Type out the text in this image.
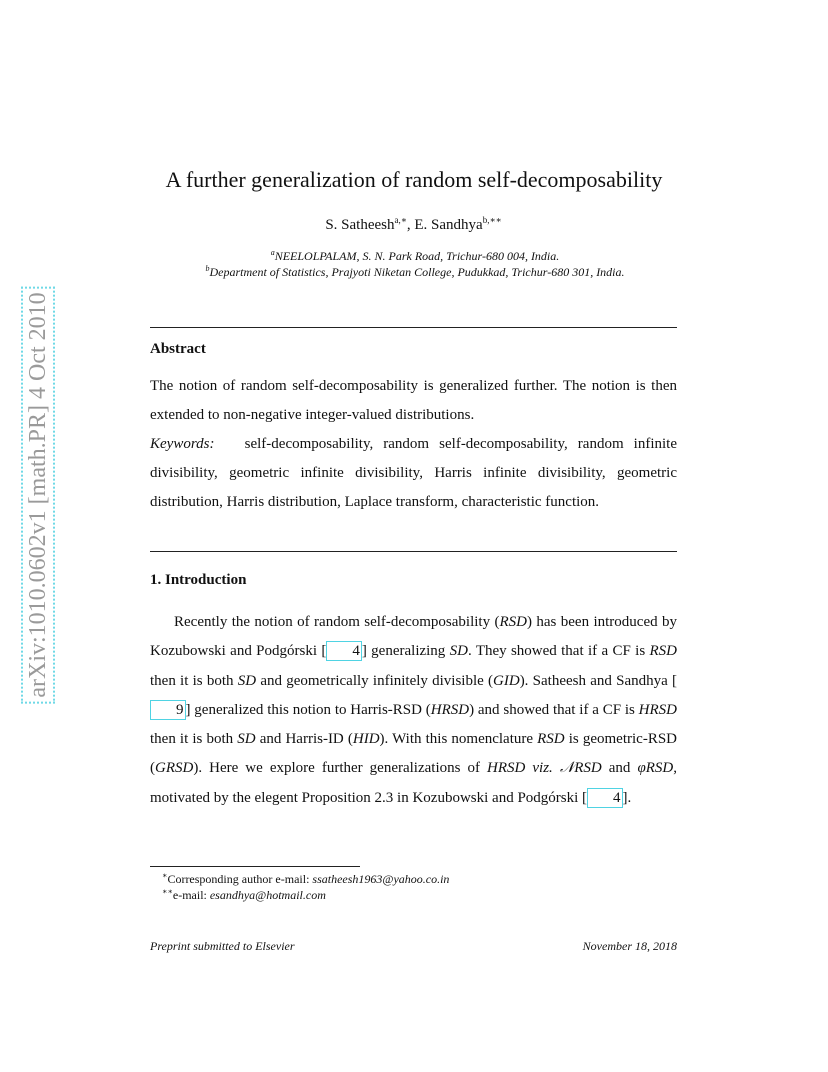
arXiv:1010.0602v1 [math.PR] 4 Oct 2010
A further generalization of random self-decomposability
S. Satheesh$^{a,∗}$, E. Sandhya$^{b,∗∗}$
$^a$NEELOLPALAM, S. N. Park Road, Trichur-680 004, India.
$^b$Department of Statistics, Prajyoti Niketan College, Pudukkad, Trichur-680 301, India.
Abstract
The notion of random self-decomposability is generalized further. The notion is then extended to non-negative integer-valued distributions.
Keywords: self-decomposability, random self-decomposability, random infinite divisibility, geometric infinite divisibility, Harris infinite divisibility, geometric distribution, Harris distribution, Laplace transform, characteristic function.
1. Introduction
Recently the notion of random self-decomposability (RSD) has been introduced by Kozubowski and Podgórski [ 4 ] generalizing SD. They showed that if a CF is RSD then it is both SD and geometrically infinitely divisible (GID). Satheesh and Sandhya [9 ] generalized this notion to Harris-RSD (HRSD) and showed that if a CF is HRSD then it is both SD and Harris-ID (HID). With this nomenclature RSD is geometric-RSD (GRSD). Here we explore further generalizations of HRSD viz. 𝒩RSD and φRSD, motivated by the elegent Proposition 2.3 in Kozubowski and Podgórski [ 4 ].
∗Corresponding author e-mail: ssatheesh1963@yahoo.co.in
∗∗e-mail: esandhya@hotmail.com
Preprint submitted to Elsevier	November 18, 2018
